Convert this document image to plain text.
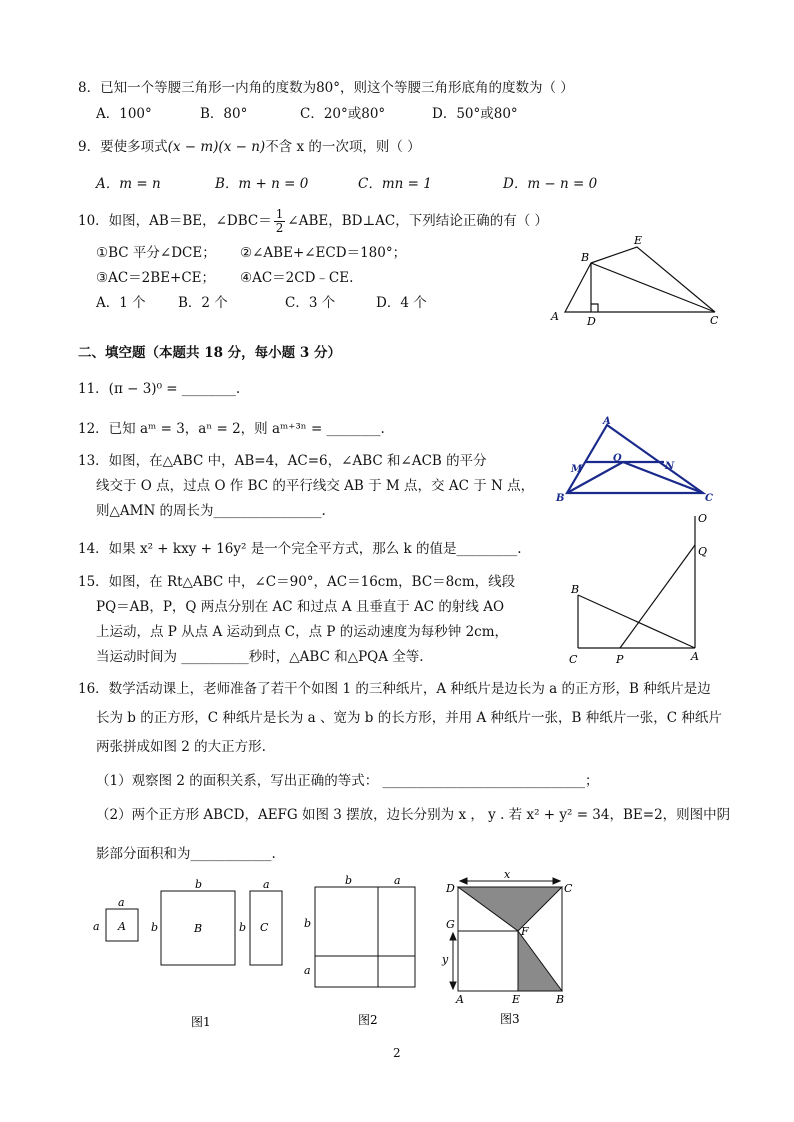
8．已知一个等腰三角形一内角的度数为80°，则这个等腰三角形底角的度数为（ ）
A．100°	B．80°	C．20°或80°	D．50°或80°
9．要使多项式(x − m)(x − n)不含 x 的一次项，则（ ）
A．m = n	B．m + n = 0	C．mn = 1	D．m − n = 0
10．如图，AB＝BE，∠DBC＝ $\frac{1}{2}$ ∠ABE，BD⊥AC，下列结论正确的有（ ）
①BC 平分∠DCE； ②∠ABE+∠ECD＝180°；
③AC＝2BE+CE； ④AC＝2CD﹣CE.
A．1 个 B．2 个	C．3 个	D．4 个
B
E
A	D	C
二、填空题（本题共 18 分，每小题 3 分）
11．(π − 3)⁰ = ________.
12．已知 aᵐ = 3，aⁿ = 2，则 aᵐ⁺³ⁿ = ________.
13．如图，在△ABC 中，AB=4，AC=6，∠ABC 和∠ACB 的平分
线交于 O 点，过点 O 作 BC 的平行线交 AB 于 M 点，交 AC 于 N 点，
则△AMN 的周长为________________.
A
M
O
N
B	C
14．如果 x² + kxy + 16y² 是一个完全平方式，那么 k 的值是_________.
15．如图，在 Rt△ABC 中，∠C＝90°，AC＝16cm，BC＝8cm，线段
PQ＝AB，P，Q 两点分别在 AC 和过点 A 且垂直于 AC 的射线 AO
上运动，点 P 从点 A 运动到点 C，点 P 的运动速度为每秒钟 2cm，
当运动时间为 __________秒时，△ABC 和△PQA 全等.
O
Q
B
C	P	A
16．数学活动课上，老师准备了若干个如图 1 的三种纸片，A 种纸片是边长为 a 的正方形，B 种纸片是边
长为 b 的正方形，C 种纸片是长为 a 、宽为 b 的长方形，并用 A 种纸片一张，B 种纸片一张，C 种纸片
两张拼成如图 2 的大正方形.
（1）观察图 2 的面积关系，写出正确的等式： ______________________________；
（2）两个正方形 ABCD，AEFG 如图 3 摆放，边长分别为 x ， y . 若 x² + y² = 34，BE=2，则图中阴
影部分面积和为____________.
a
a A
b
b	B
a
b C
图1
b	a
b
a
图2
x
y
D	C
G
F
A	E	B
图3
2
